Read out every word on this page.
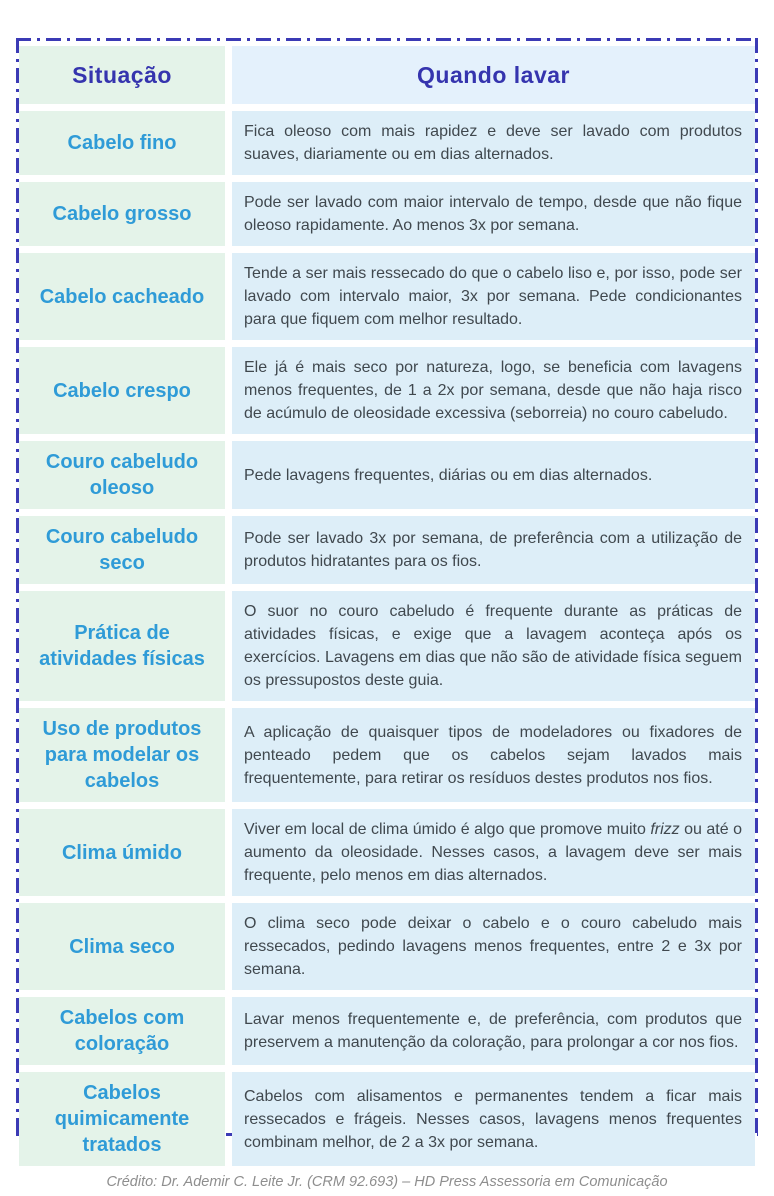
Situação	Quando lavar
Cabelo fino

Fica oleoso com mais rapidez e deve ser lavado com produtos suaves, diariamente ou em dias alternados.

Cabelo grosso

Pode ser lavado com maior intervalo de tempo, desde que não fique oleoso rapidamente. Ao menos 3x por semana.

Cabelo cacheado

Tende a ser mais ressecado do que o cabelo liso e, por isso, pode ser lavado com intervalo maior, 3x por semana. Pede condicionantes para que fiquem com melhor resultado.

Cabelo crespo

Ele já é mais seco por natureza, logo, se beneficia com lavagens menos frequentes, de 1 a 2x por semana, desde que não haja risco de acúmulo de oleosidade excessiva (seborreia) no couro cabeludo.

Couro cabeludo oleoso

Pede lavagens frequentes, diárias ou em dias alternados.

Couro cabeludo seco

Pode ser lavado 3x por semana, de preferência com a utilização de produtos hidratantes para os fios.

Prática de atividades físicas

O suor no couro cabeludo é frequente durante as práticas de atividades físicas, e exige que a lavagem aconteça após os exercícios. Lavagens em dias que não são de atividade física seguem os pressupostos deste guia.

Uso de produtos para modelar os cabelos

A aplicação de quaisquer tipos de modeladores ou fixadores de penteado pedem que os cabelos sejam lavados mais frequentemente, para retirar os resíduos destes produtos nos fios.

Clima úmido

Viver em local de clima úmido é algo que promove muito frizz ou até o aumento da oleosidade. Nesses casos, a lavagem deve ser mais frequente, pelo menos em dias alternados.

Clima seco

O clima seco pode deixar o cabelo e o couro cabeludo mais ressecados, pedindo lavagens menos frequentes, entre 2 e 3x por semana.

Cabelos com coloração

Lavar menos frequentemente e, de preferência, com produtos que preservem a manutenção da coloração, para prolongar a cor nos fios.

Cabelos quimicamente tratados

Cabelos com alisamentos e permanentes tendem a ficar mais ressecados e frágeis. Nesses casos, lavagens menos frequentes combinam melhor, de 2 a 3x por semana.

Crédito: Dr. Ademir C. Leite Jr. (CRM 92.693) – HD Press Assessoria em Comunicação
